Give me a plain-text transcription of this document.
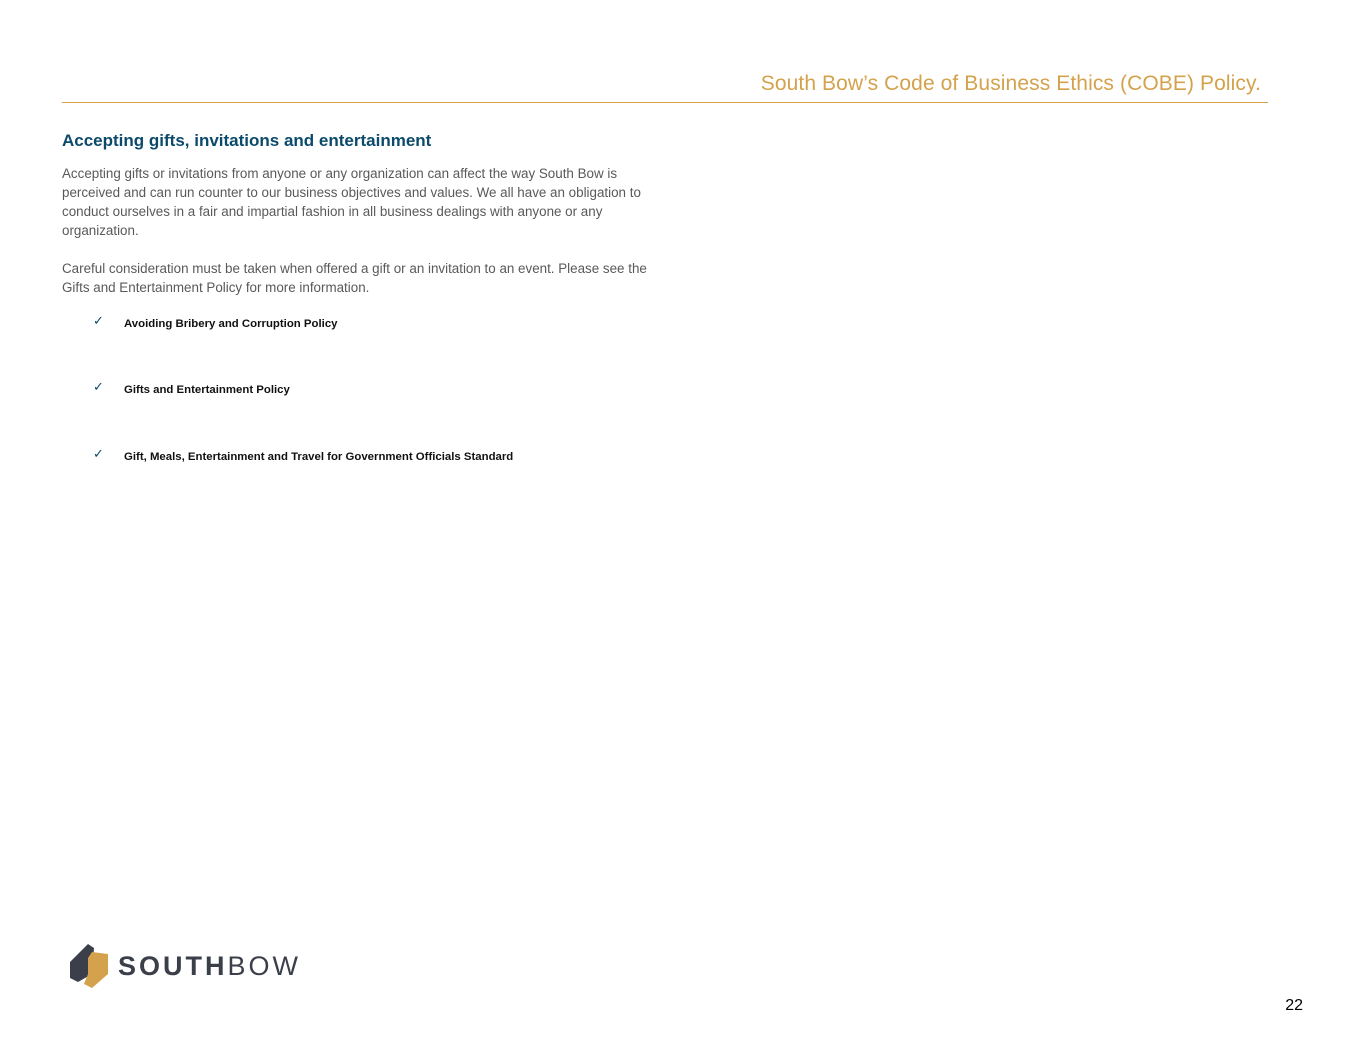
South Bow’s Code of Business Ethics (COBE) Policy.
Accepting gifts, invitations and entertainment

Accepting gifts or invitations from anyone or any organization can affect the way South Bow is perceived and can run counter to our business objectives and values. We all have an obligation to conduct ourselves in a fair and impartial fashion in all business dealings with anyone or any organization.

Careful consideration must be taken when offered a gift or an invitation to an event. Please see the Gifts and Entertainment Policy for more information.

✓	Avoiding Bribery and Corruption Policy
✓	Gifts and Entertainment Policy
✓	Gift, Meals, Entertainment and Travel for Government Officials Standard
SOUTHBOW
22
